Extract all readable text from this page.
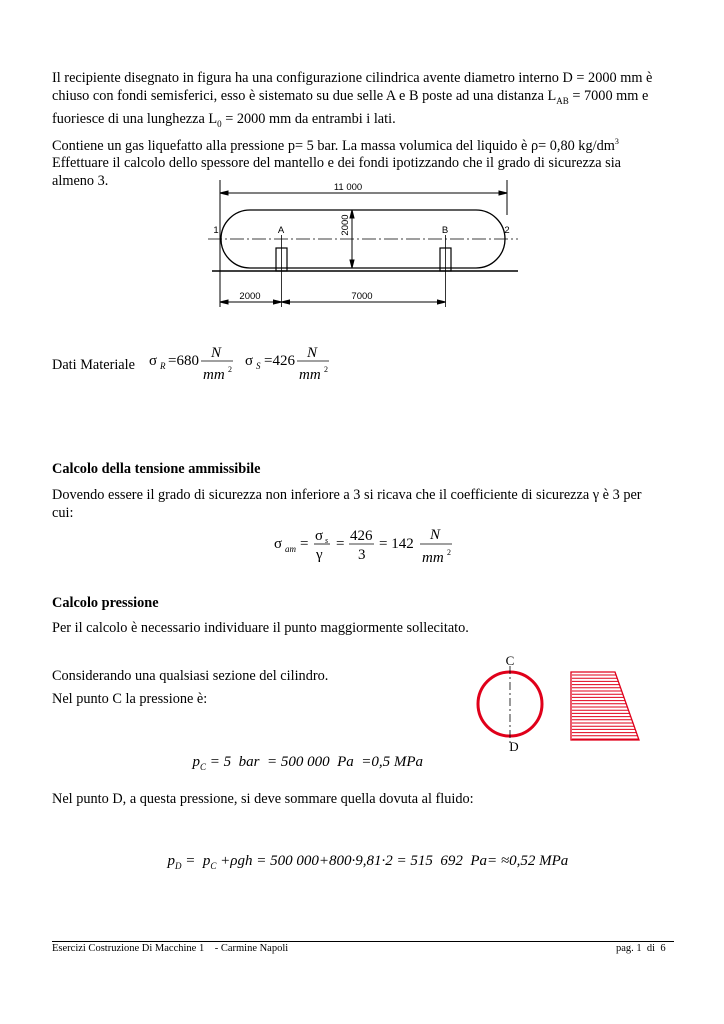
Il recipiente disegnato in figura ha una configurazione cilindrica avente diametro interno D = 2000 mm è

chiuso con fondi semisferici, esso è sistemato su due selle A e B poste ad una distanza $L_{AB} = 7000$ mm e

fuoriesce di una lunghezza $L_0 = 2000$ mm da entrambi i lati.

Contiene un gas liquefatto alla pressione p= 5 bar. La massa volumica del liquido è ρ= 0,80 $kg/dm^3$

Effettuare il calcolo dello spessore del mantello e dei fondi ipotizzando che il grado di sicurezza sia

almeno 3.	11 000
2000
A	B
1	2
2000	7000
Dati Materiale σ R =680 N
mm 2
σ S =426 N
mm 2
Calcolo della tensione ammissibile

Dovendo essere il grado di sicurezza non inferiore a 3 si ricava che il coefficiente di sicurezza γ è 3 per

cui:

σ am = σ s
γ
= 426
3
= 142
N
mm 2
Calcolo pressione
Per il calcolo è necessario individuare il punto maggiormente sollecitato.
Considerando una qualsiasi sezione del cilindro.
Nel punto C la pressione è:

$p_C = 5$  bar  = 500 000  Pa  =0,5 MPa

Nel punto D, a questa pressione, si deve sommare quella dovuta al fluido:

$p_D = p_C +\rho gh = 500$ 000+800·9,81·2 = 515  692  Pa= ≈0,52 MPa

C
D
Esercizi Costruzione Di Macchine 1    - Carmine Napoli	pag. 1  di  6
